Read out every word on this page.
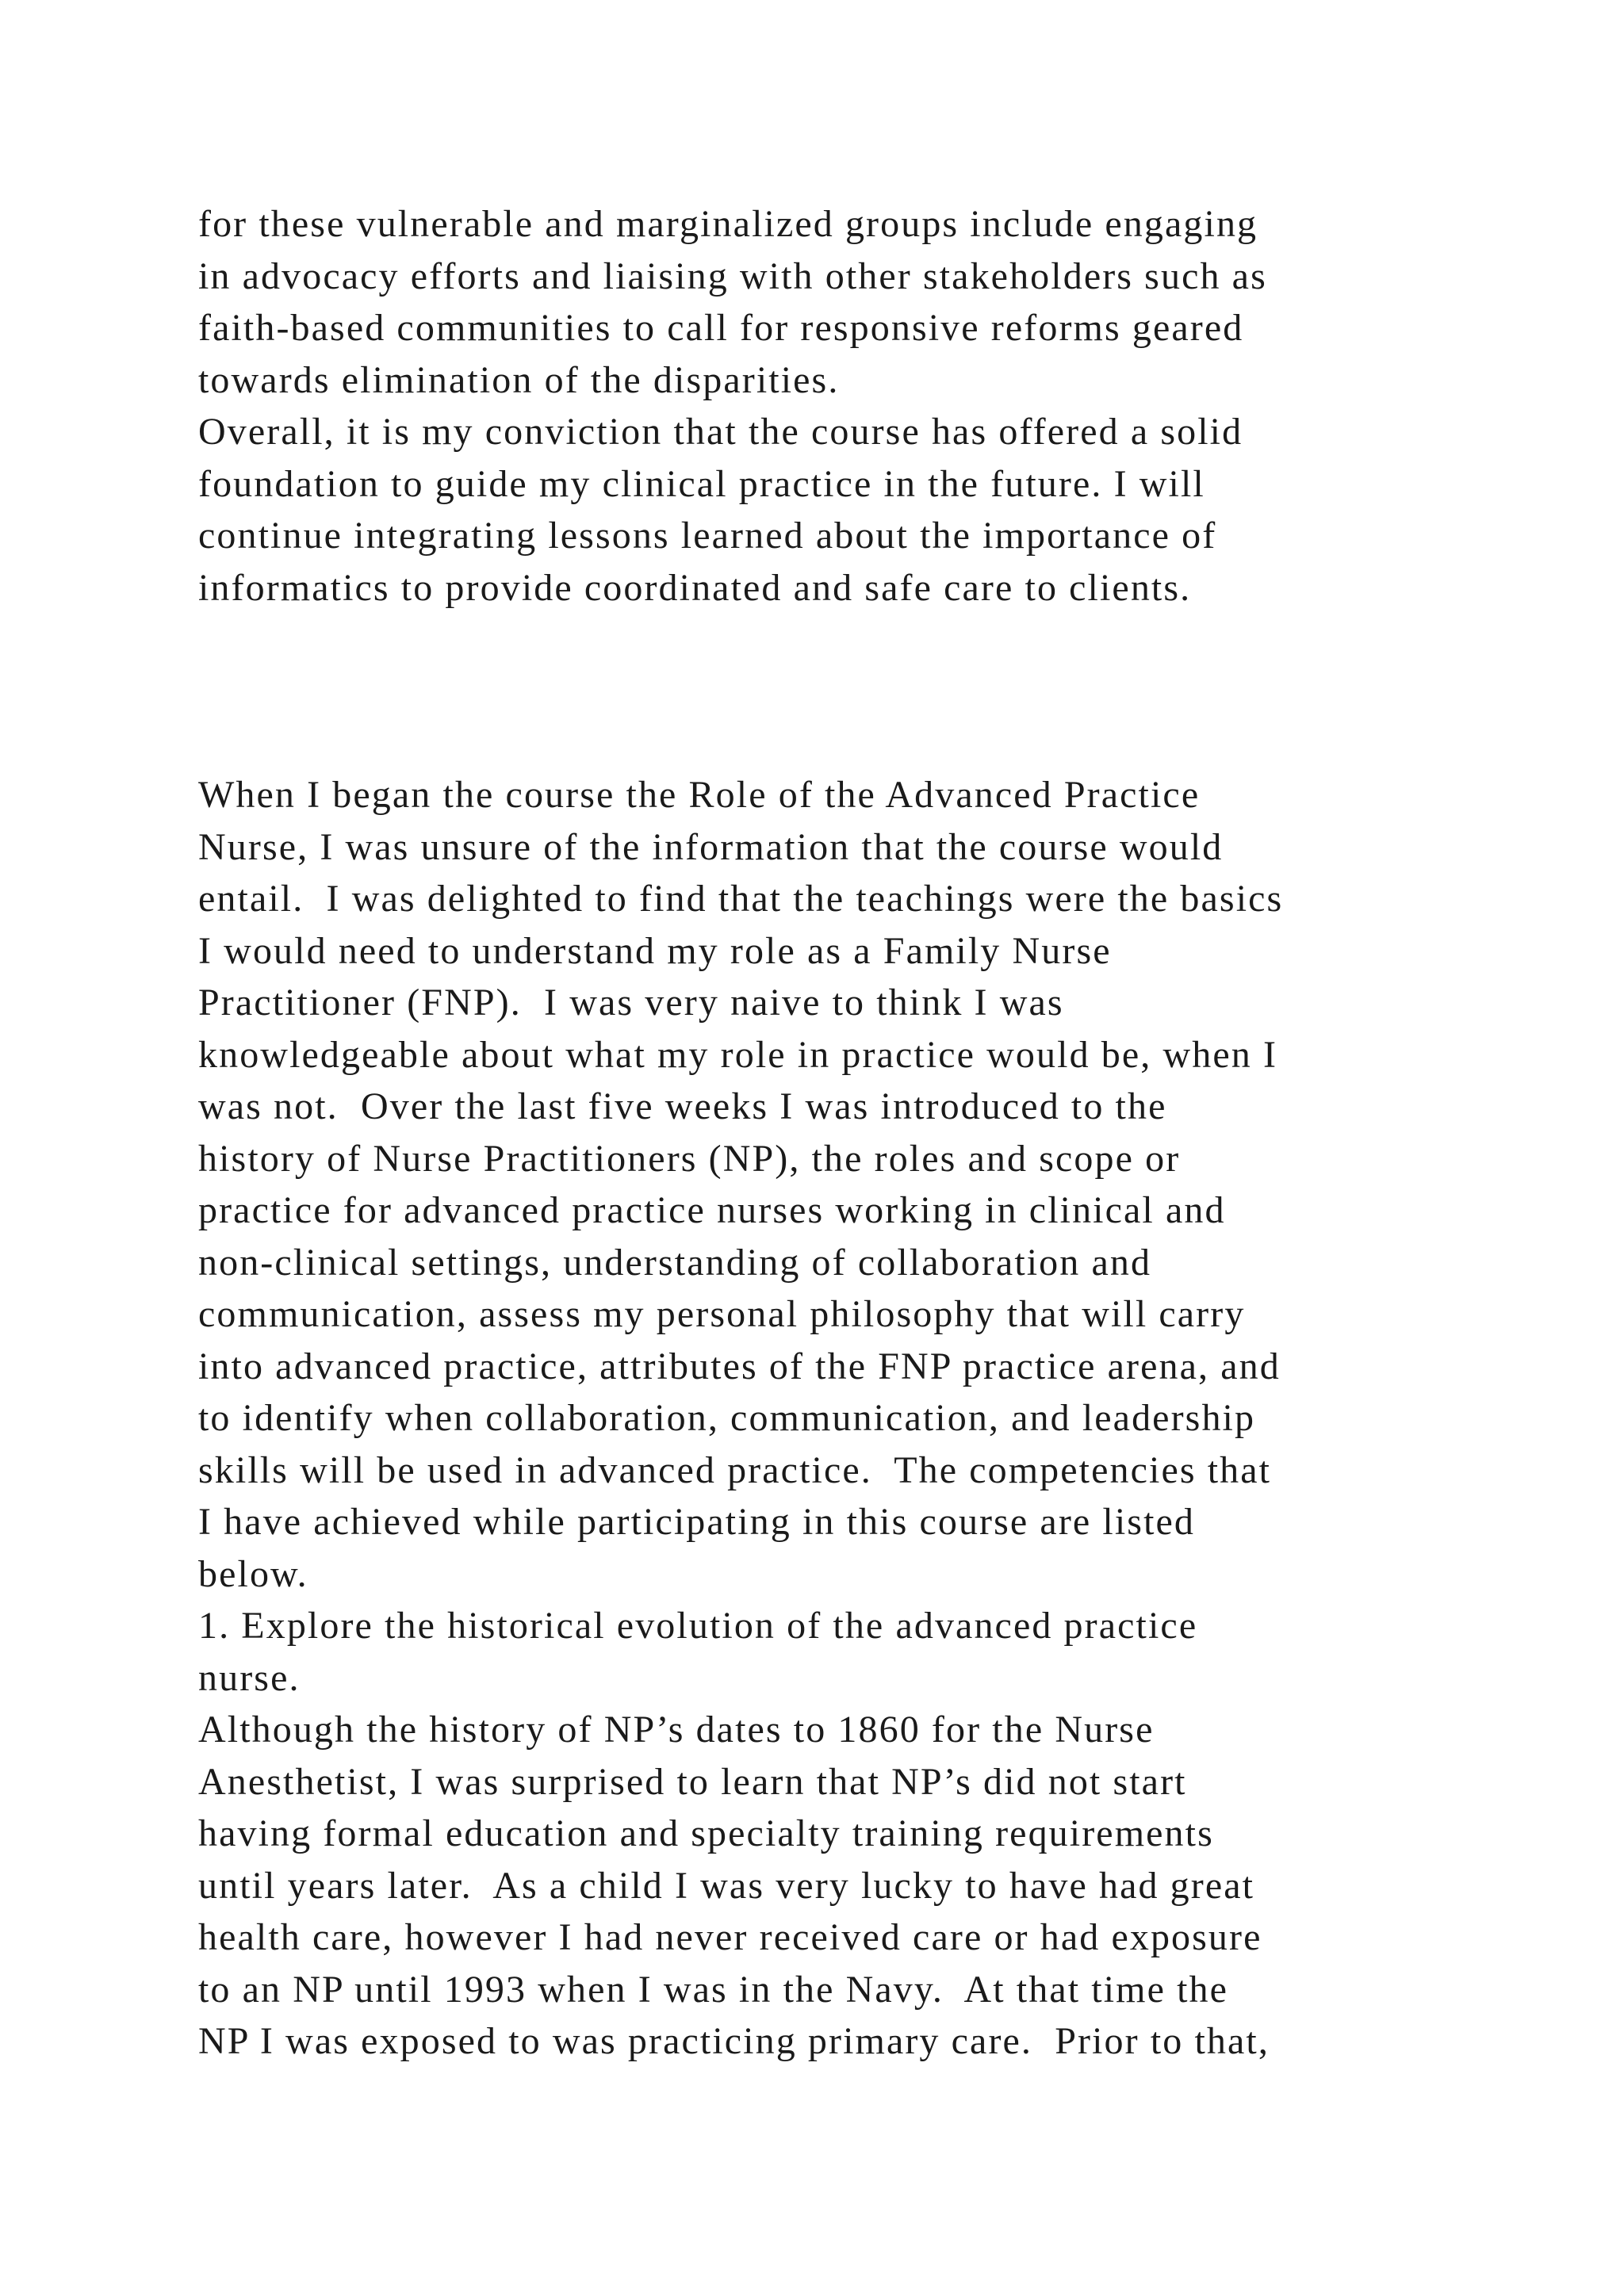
for these vulnerable and marginalized groups include engaging
in advocacy efforts and liaising with other stakeholders such as
faith-based communities to call for responsive reforms geared
towards elimination of the disparities.
Overall, it is my conviction that the course has offered a solid
foundation to guide my clinical practice in the future. I will
continue integrating lessons learned about the importance of
informatics to provide coordinated and safe care to clients.
When I began the course the Role of the Advanced Practice
Nurse, I was unsure of the information that the course would
entail.  I was delighted to find that the teachings were the basics
I would need to understand my role as a Family Nurse
Practitioner (FNP).  I was very naive to think I was
knowledgeable about what my role in practice would be, when I
was not.  Over the last five weeks I was introduced to the
history of Nurse Practitioners (NP), the roles and scope or
practice for advanced practice nurses working in clinical and
non-clinical settings, understanding of collaboration and
communication, assess my personal philosophy that will carry
into advanced practice, attributes of the FNP practice arena, and
to identify when collaboration, communication, and leadership
skills will be used in advanced practice.  The competencies that
I have achieved while participating in this course are listed
below.
1. Explore the historical evolution of the advanced practice
nurse.
Although the history of NP’s dates to 1860 for the Nurse
Anesthetist, I was surprised to learn that NP’s did not start
having formal education and specialty training requirements
until years later.  As a child I was very lucky to have had great
health care, however I had never received care or had exposure
to an NP until 1993 when I was in the Navy.  At that time the
NP I was exposed to was practicing primary care.  Prior to that,
